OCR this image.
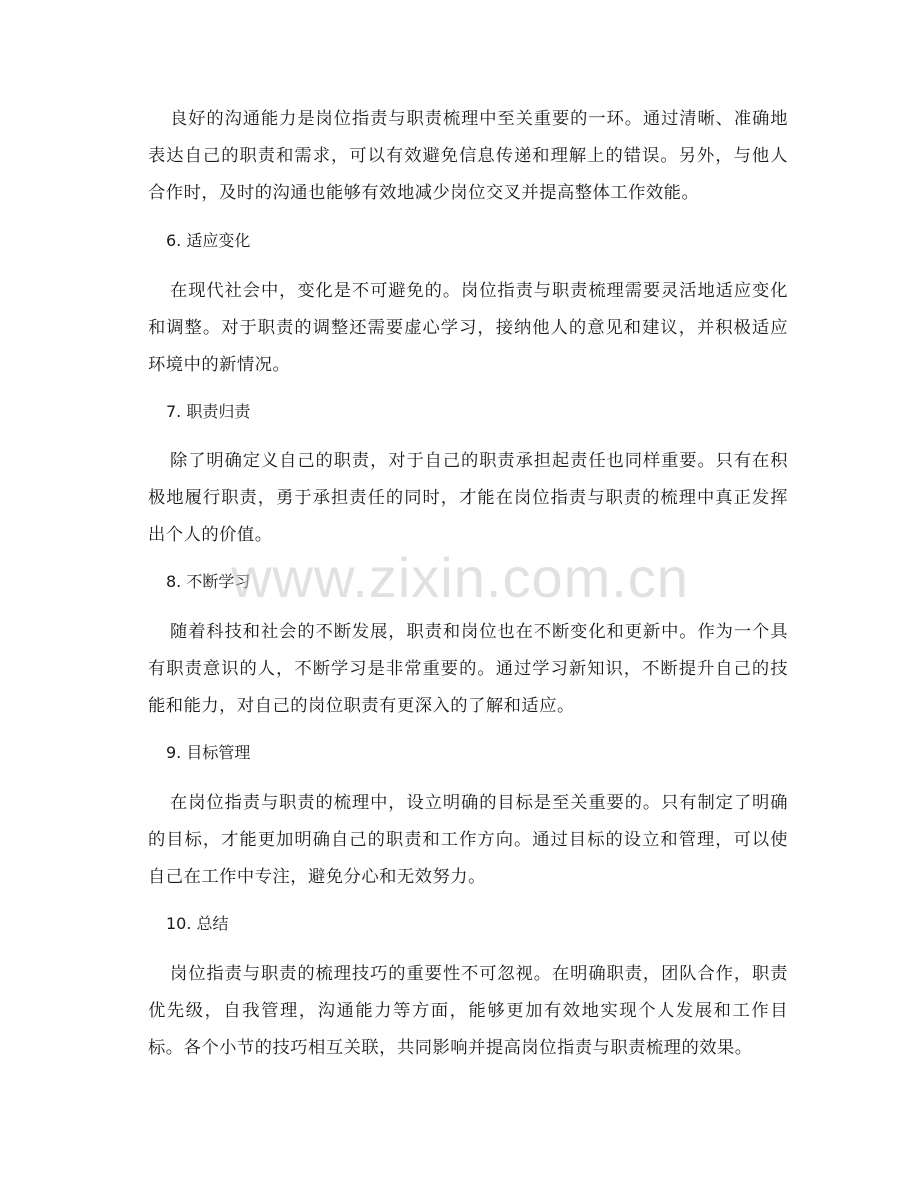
良好的沟通能力是岗位指责与职责梳理中至关重要的一环。通过清晰、准确地表达自己的职责和需求，可以有效避免信息传递和理解上的错误。另外，与他人合作时，及时的沟通也能够有效地减少岗位交叉并提高整体工作效能。

6. 适应变化

在现代社会中，变化是不可避免的。岗位指责与职责梳理需要灵活地适应变化和调整。对于职责的调整还需要虚心学习，接纳他人的意见和建议，并积极适应环境中的新情况。

7. 职责归责

除了明确定义自己的职责，对于自己的职责承担起责任也同样重要。只有在积极地履行职责，勇于承担责任的同时，才能在岗位指责与职责的梳理中真正发挥出个人的价值。

8. 不断学习

随着科技和社会的不断发展，职责和岗位也在不断变化和更新中。作为一个具有职责意识的人，不断学习是非常重要的。通过学习新知识，不断提升自己的技能和能力，对自己的岗位职责有更深入的了解和适应。

9. 目标管理

在岗位指责与职责的梳理中，设立明确的目标是至关重要的。只有制定了明确的目标，才能更加明确自己的职责和工作方向。通过目标的设立和管理，可以使自己在工作中专注，避免分心和无效努力。

10. 总结

岗位指责与职责的梳理技巧的重要性不可忽视。在明确职责，团队合作，职责优先级，自我管理，沟通能力等方面，能够更加有效地实现个人发展和工作目标。各个小节的技巧相互关联，共同影响并提高岗位指责与职责梳理的效果。

www.zixin.com.cn
